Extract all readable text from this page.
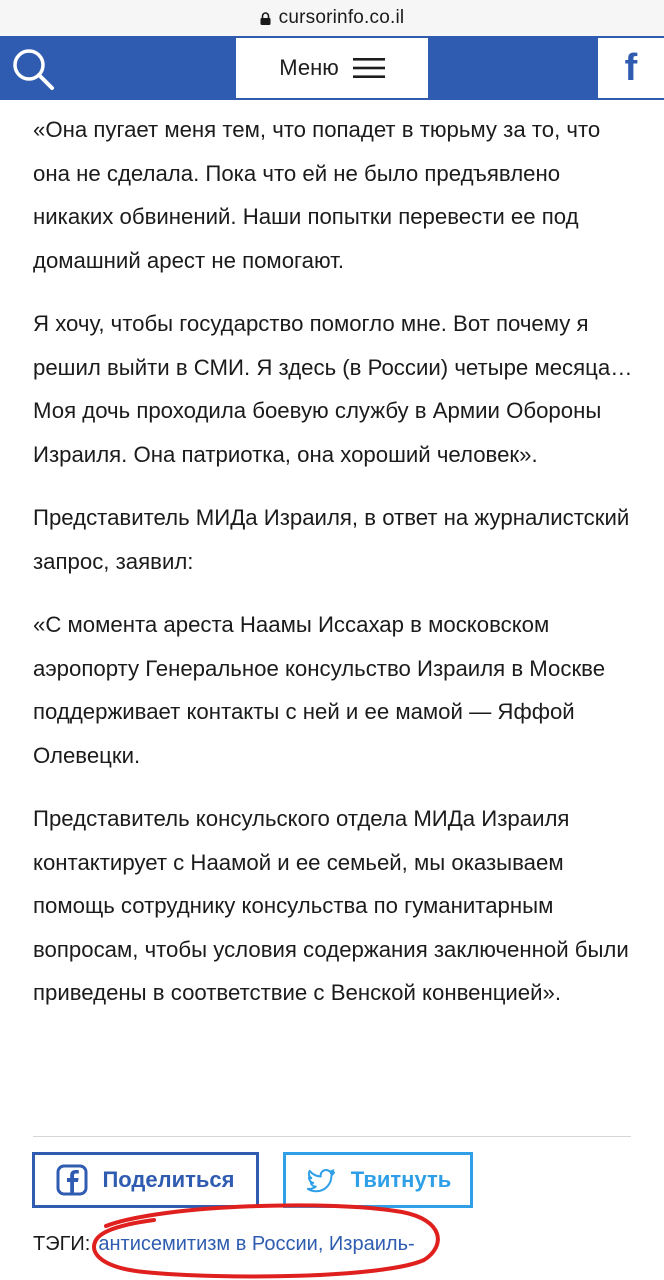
cursorinfo.co.il
Меню	f

«Она пугает меня тем, что попадет в тюрьму за то, что она не сделала. Пока что ей не было предъявлено никаких обвинений. Наши попытки перевести ее под домашний арест не помогают.

Я хочу, чтобы государство помогло мне. Вот почему я решил выйти в СМИ. Я здесь (в России) четыре месяца… Моя дочь проходила боевую службу в Армии Обороны Израиля. Она патриотка, она хороший человек».

Представитель МИДа Израиля, в ответ на журналистский запрос, заявил:

«С момента ареста Наамы Иссахар в московском аэропорту Генеральное консульство Израиля в Москве поддерживает контакты с ней и ее мамой — Яффой Олевецки.

Представитель консульского отдела МИДа Израиля контактирует с Наамой и ее семьей, мы оказываем помощь сотруднику консульства по гуманитарным вопросам, чтобы условия содержания заключенной были приведены в соответствие с Венской конвенцией».

Поделиться	Твитнуть
ТЭГИ: антисемитизм в России, Израиль-
